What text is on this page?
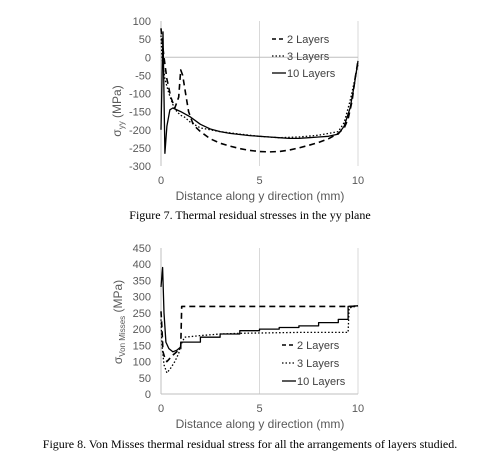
$\sigma_{yy}$ (MPa)
Distance along y direction (mm)
Figure 7. Thermal residual stresses in the yy plane
100
50
0
-50
-100
-150
-200
-250
-300
0	5	10
2 Layers
3 Layers
10 Layers
$\sigma_{Von Misses}$ (MPa)
Distance along y direction (mm)
Figure 8. Von Misses thermal residual stress for all the arrangements of layers studied.
450
400
350
300
250
200
150
100
50
0
0	5	10
2 Layers
3 Layers
10 Layers
